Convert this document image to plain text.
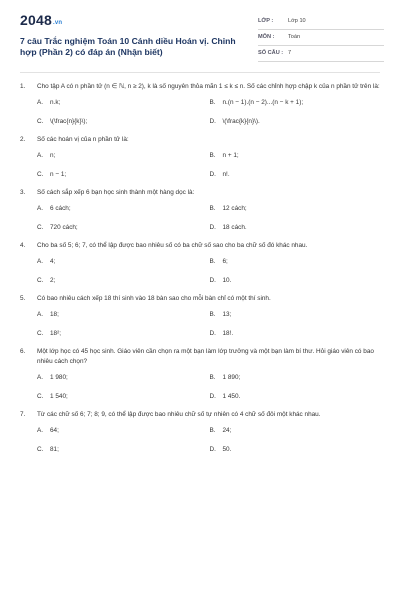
2048.vn
7 câu Trắc nghiệm Toán 10 Cánh diều Hoán vị. Chỉnh hợp (Phần 2) có đáp án (Nhận biết)
LỚP :	Lớp 10
MÔN : Toán
SỐ CÂU : 7
1.	Cho tập A có n phần tử (n ∈ ℕ, n ≥ 2), k là số nguyên thỏa mãn 1 ≤ k ≤ n. Số các chỉnh hợp chập k của n phần tử trên là:
A.	n.k;	B.	n.(n − 1).(n − 2)...(n − k + 1);
C.	\(\frac{n}{k}\);	D.	\(\frac{k}{n}\).
2.	Số các hoán vị của n phần tử là:
A.	n;	B.	n + 1;
C.	n − 1;	D.	n!.
3.	Số cách sắp xếp 6 bạn học sinh thành một hàng dọc là:
A.	6 cách;	B.	12 cách;
C.	720 cách;	D.	18 cách.
4.	Cho ba số 5; 6; 7, có thể lập được bao nhiêu số có ba chữ số sao cho ba chữ số đó khác nhau.
A.	4;	B.	6;
C.	2;	D.	10.
5.	Có bao nhiêu cách xếp 18 thí sinh vào 18 bàn sao cho mỗi bàn chỉ có một thí sinh.
A.	18;	B.	13;
C.	18²;	D.	18!.
6.	Một lớp học có 45 học sinh. Giáo viên cần chọn ra một bạn làm lớp trưởng và một bạn làm bí thư. Hỏi giáo viên có bao nhiêu cách chọn?
A.	1 980;	B.	1 890;
C.	1 540;	D.	1 450.
7.	Từ các chữ số 6; 7; 8; 9, có thể lập được bao nhiêu chữ số tự nhiên có 4 chữ số đôi một khác nhau.
A.	64;	B.	24;
C.	81;	D.	50.
